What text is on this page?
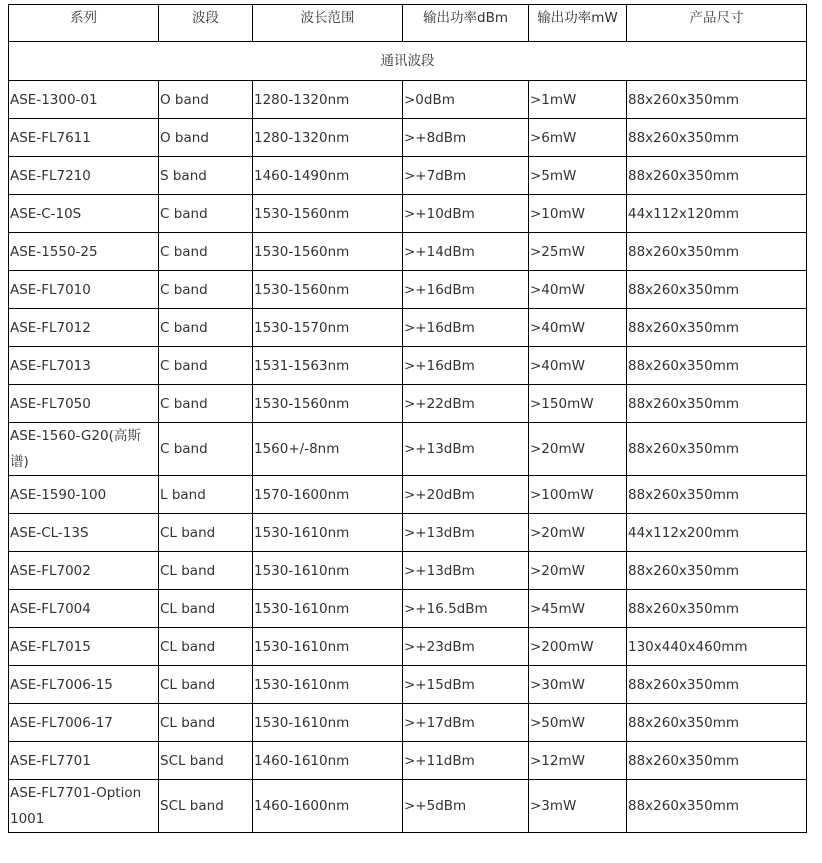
系列	波段	波长范围	输出功率dBm	输出功率mW	产品尺寸
通讯波段					
ASE-1300-01	O band	1280-1320nm	>0dBm	>1mW	88x260x350mm
ASE-FL7611	O band	1280-1320nm	>+8dBm	>6mW	88x260x350mm
ASE-FL7210	S band	1460-1490nm	>+7dBm	>5mW	88x260x350mm
ASE-C-10S	C band	1530-1560nm	>+10dBm	>10mW	44x112x120mm
ASE-1550-25	C band	1530-1560nm	>+14dBm	>25mW	88x260x350mm
ASE-FL7010	C band	1530-1560nm	>+16dBm	>40mW	88x260x350mm
ASE-FL7012	C band	1530-1570nm	>+16dBm	>40mW	88x260x350mm
ASE-FL7013	C band	1531-1563nm	>+16dBm	>40mW	88x260x350mm
ASE-FL7050	C band	1530-1560nm	>+22dBm	>150mW	88x260x350mm
ASE-1560-G20(高斯谱)	C band	1560+/-8nm	>+13dBm	>20mW	88x260x350mm
ASE-1590-100	L band	1570-1600nm	>+20dBm	>100mW	88x260x350mm
ASE-CL-13S	CL band	1530-1610nm	>+13dBm	>20mW	44x112x200mm
ASE-FL7002	CL band	1530-1610nm	>+13dBm	>20mW	88x260x350mm
ASE-FL7004	CL band	1530-1610nm	>+16.5dBm	>45mW	88x260x350mm
ASE-FL7015	CL band	1530-1610nm	>+23dBm	>200mW	130x440x460mm
ASE-FL7006-15	CL band	1530-1610nm	>+15dBm	>30mW	88x260x350mm
ASE-FL7006-17	CL band	1530-1610nm	>+17dBm	>50mW	88x260x350mm
ASE-FL7701	SCL band	1460-1610nm	>+11dBm	>12mW	88x260x350mm
ASE-FL7701-Option 1001	SCL band	1460-1600nm	>+5dBm	>3mW	88x260x350mm
